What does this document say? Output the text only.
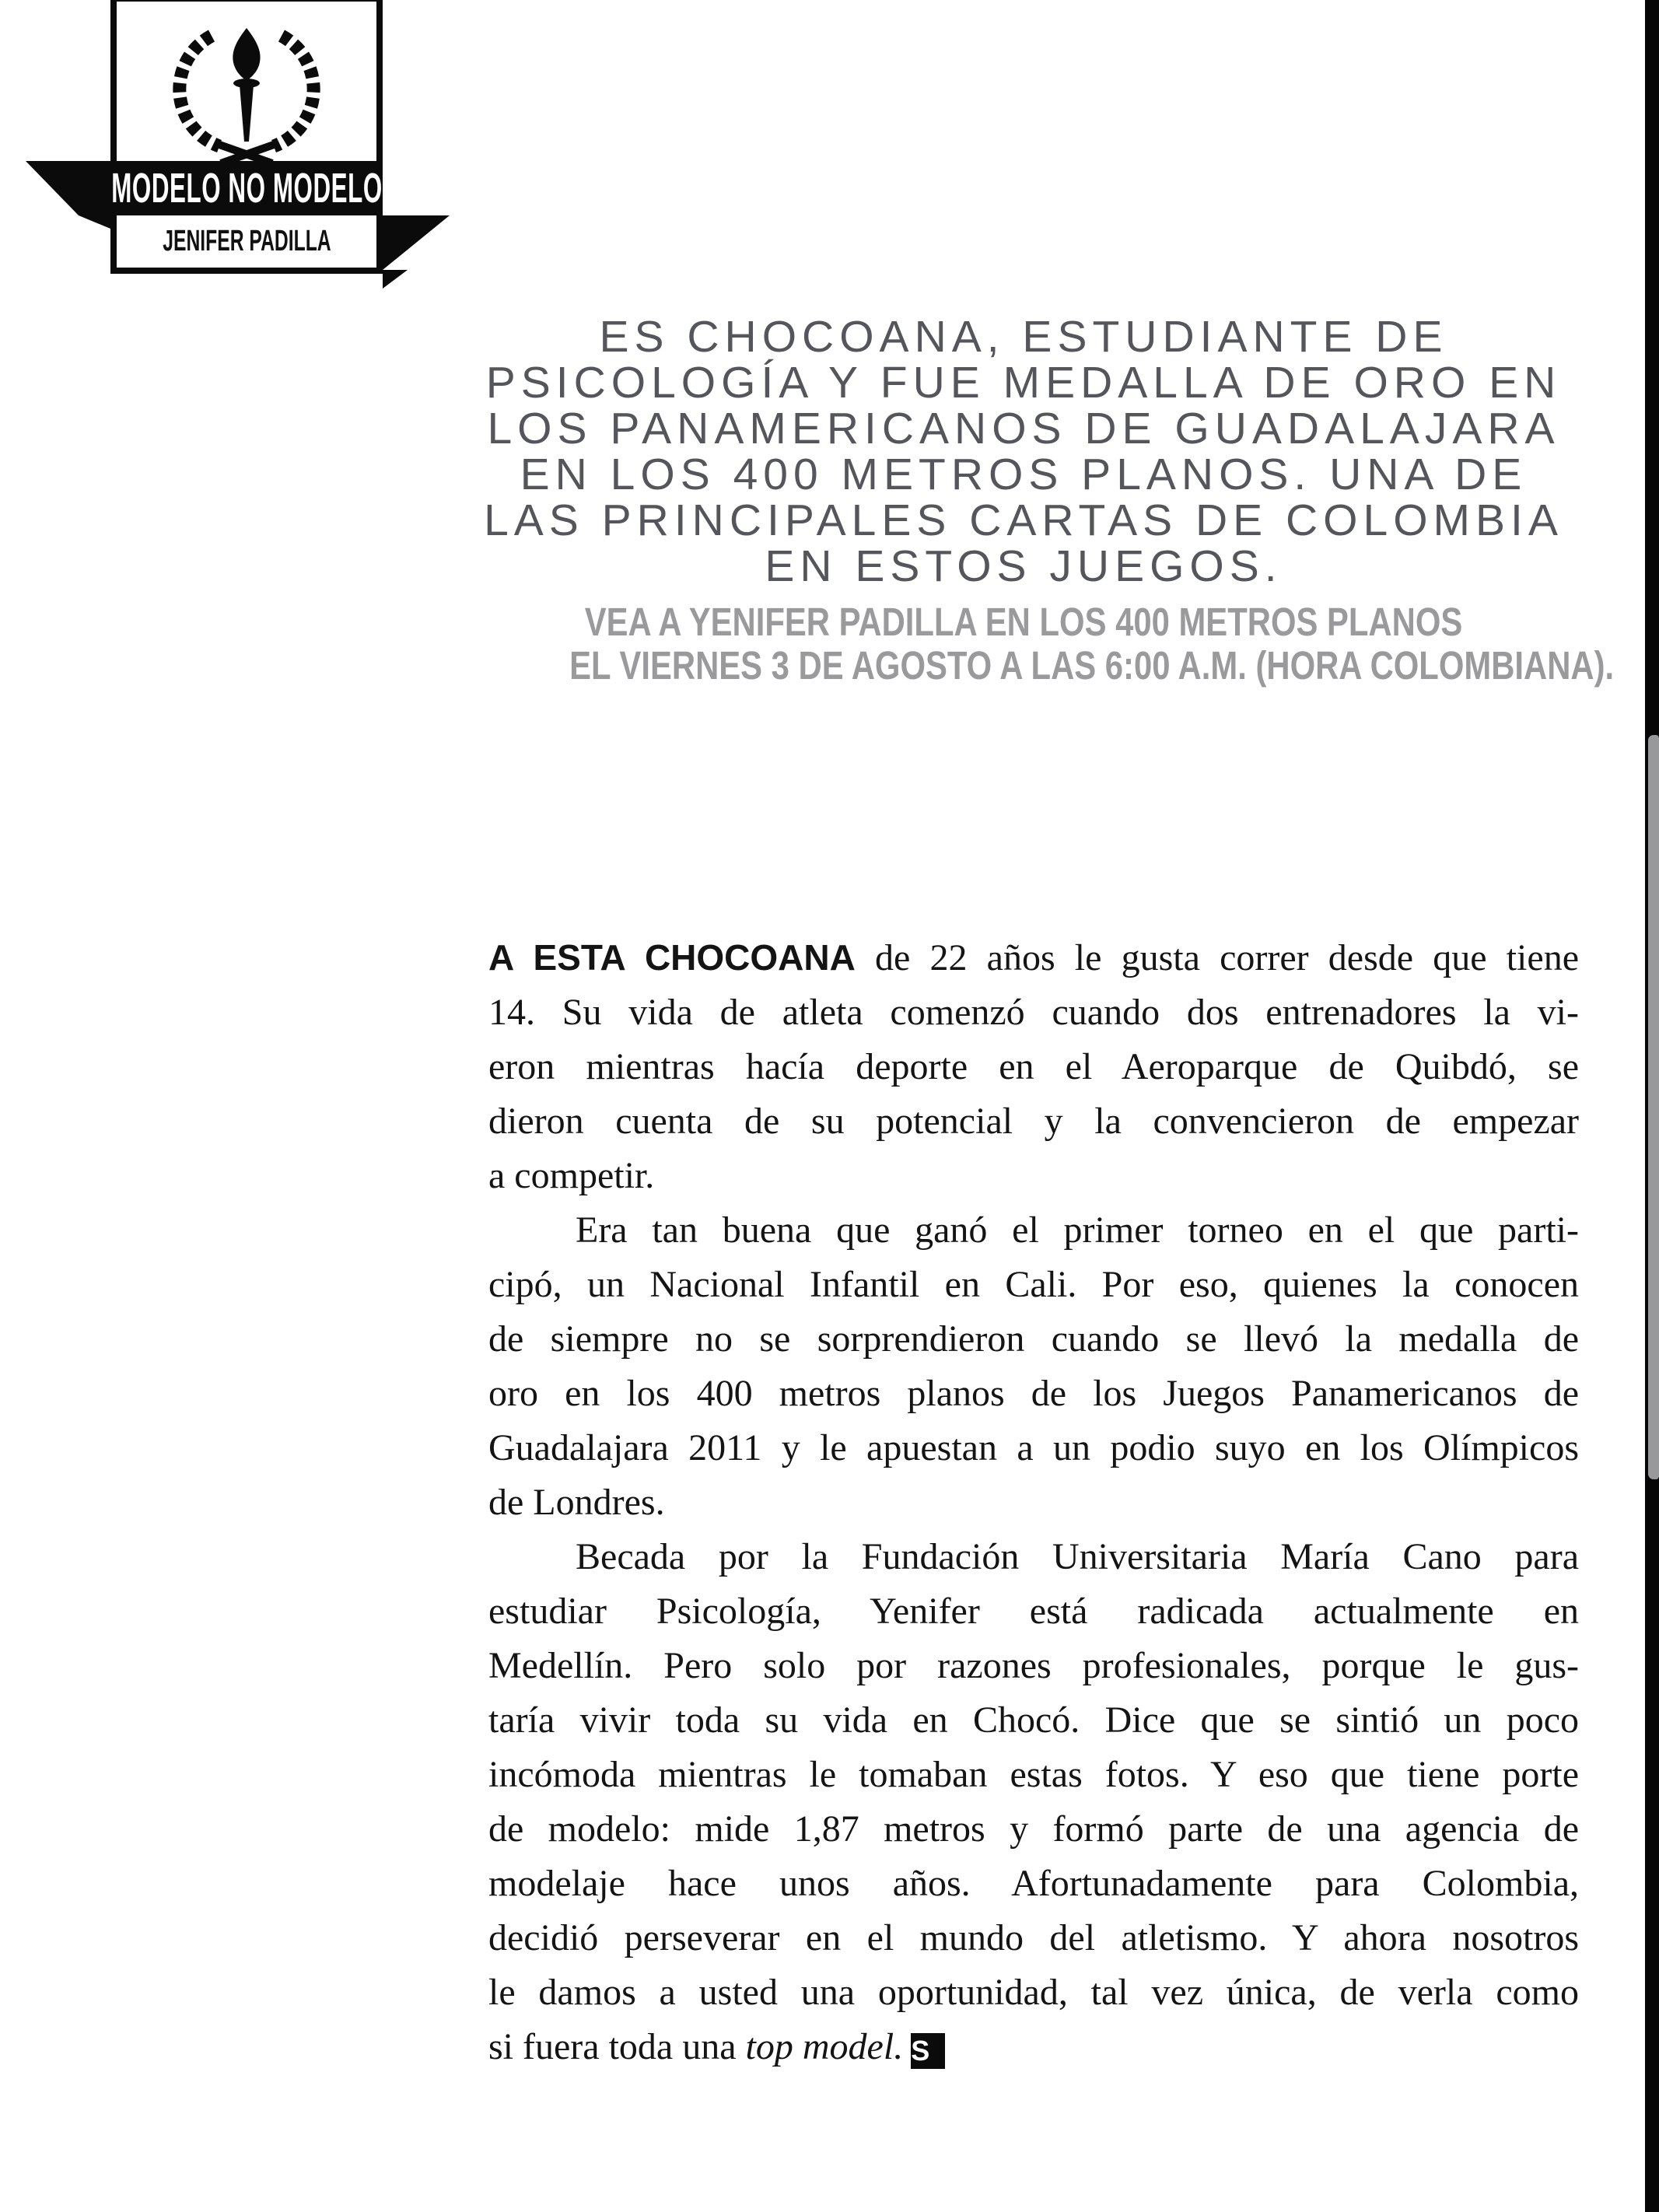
MODELO NO MODELO
JENIFER PADILLA
ES CHOCOANA, ESTUDIANTE DE
PSICOLOGÍA Y FUE MEDALLA DE ORO EN
LOS PANAMERICANOS DE GUADALAJARA
EN LOS 400 METROS PLANOS. UNA DE
LAS PRINCIPALES CARTAS DE COLOMBIA
EN ESTOS JUEGOS.
VEA A YENIFER PADILLA EN LOS 400 METROS PLANOS
EL VIERNES 3 DE AGOSTO A LAS 6:00 A.M. (HORA COLOMBIANA).
A ESTA CHOCOANA de 22 años le gusta correr desde que tiene
14. Su vida de atleta comenzó cuando dos entrenadores la vi-
eron mientras hacía deporte en el Aeroparque de Quibdó, se
dieron cuenta de su potencial y la convencieron de empezar
a competir.
Era tan buena que ganó el primer torneo en el que parti-
cipó, un Nacional Infantil en Cali. Por eso, quienes la conocen
de siempre no se sorprendieron cuando se llevó la medalla de
oro en los 400 metros planos de los Juegos Panamericanos de
Guadalajara 2011 y le apuestan a un podio suyo en los Olímpicos
de Londres.
Becada por la Fundación Universitaria María Cano para
estudiar Psicología, Yenifer está radicada actualmente en
Medellín. Pero solo por razones profesionales, porque le gus-
taría vivir toda su vida en Chocó. Dice que se sintió un poco
incómoda mientras le tomaban estas fotos. Y eso que tiene porte
de modelo: mide 1,87 metros y formó parte de una agencia de
modelaje hace unos años. Afortunadamente para Colombia,
decidió perseverar en el mundo del atletismo. Y ahora nosotros
le damos a usted una oportunidad, tal vez única, de verla como
si fuera toda una top model. S
